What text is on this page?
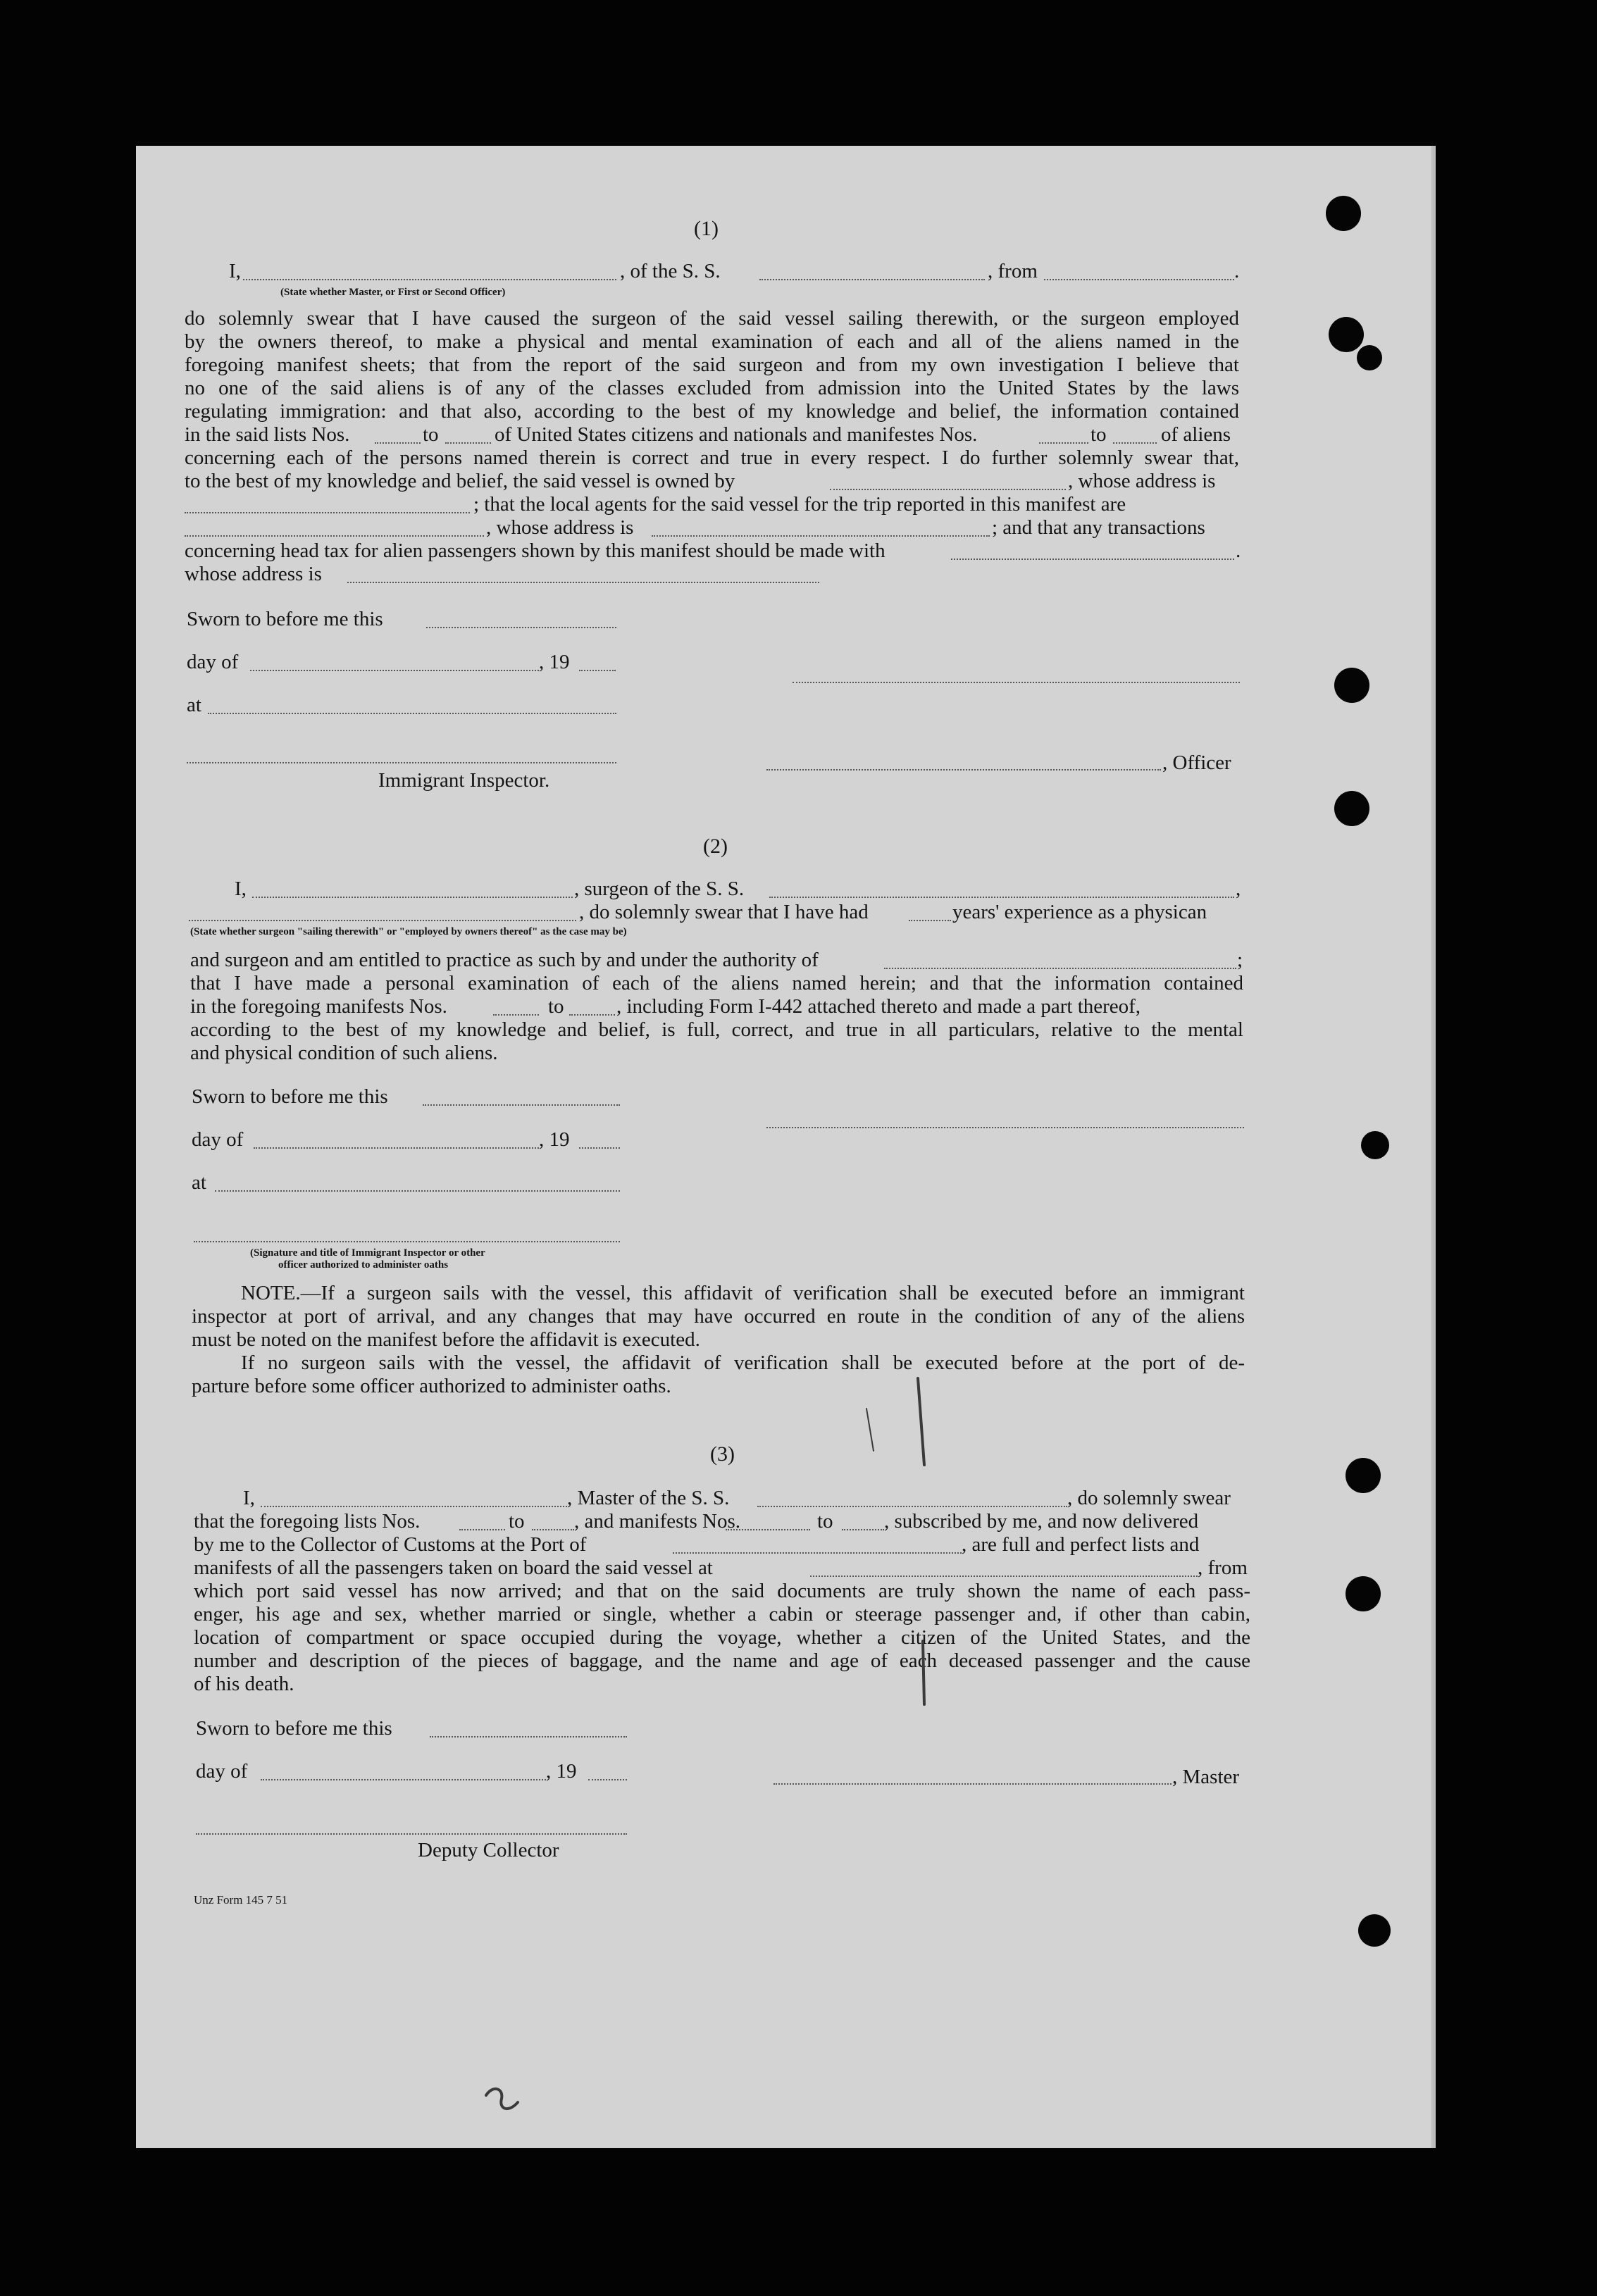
(1)
I,	, of the S. S.	, from	.
(State whether Master, or First or Second Officer)
do solemnly swear that I have caused the surgeon of the said vessel sailing therewith, or the surgeon employed
by the owners thereof, to make a physical and mental examination of each and all of the aliens named in the
foregoing manifest sheets; that from the report of the said surgeon and from my own investigation I believe that
no one of the said aliens is of any of the classes excluded from admission into the United States by the laws
regulating immigration: and that also, according to the best of my knowledge and belief, the information contained
in the said lists Nos.	to	of United States citizens and nationals and manifestes Nos.	to	of aliens
concerning each of the persons named therein is correct and true in every respect. I do further solemnly swear that,
to the best of my knowledge and belief, the said vessel is owned by	, whose address is
; that the local agents for the said vessel for the trip reported in this manifest are
, whose address is	; and that any transactions
concerning head tax for alien passengers shown by this manifest should be made with	.
whose address is
Sworn to before me this
day of	, 19
at
, Officer
Immigrant Inspector.
(2)
I,	, surgeon of the S. S.	,
, do solemnly swear that I have had	years' experience as a physican
(State whether surgeon "sailing therewith" or "employed by owners thereof" as the case may be)
and surgeon and am entitled to practice as such by and under the authority of	;
that I have made a personal examination of each of the aliens named herein; and that the information contained
in the foregoing manifests Nos.	to	, including Form I-442 attached thereto and made a part thereof,
according to the best of my knowledge and belief, is full, correct, and true in all particulars, relative to the mental
and physical condition of such aliens.
Sworn to before me this
day of	, 19
at
(Signature and title of Immigrant Inspector or other
officer authorized to administer oaths
NOTE.—If a surgeon sails with the vessel, this affidavit of verification shall be executed before an immigrant
inspector at port of arrival, and any changes that may have occurred en route in the condition of any of the aliens
must be noted on the manifest before the affidavit is executed.
If no surgeon sails with the vessel, the affidavit of verification shall be executed before at the port of de-
parture before some officer authorized to administer oaths.
(3)
I,	, Master of the S. S.	, do solemnly swear
that the foregoing lists Nos.	to , and manifests Nos.	to , subscribed by me, and now delivered
by me to the Collector of Customs at the Port of	, are full and perfect lists and
manifests of all the passengers taken on board the said vessel at	, from
which port said vessel has now arrived; and that on the said documents are truly shown the name of each pass-
enger, his age and sex, whether married or single, whether a cabin or steerage passenger and, if other than cabin,
location of compartment or space occupied during the voyage, whether a citizen of the United States, and the
number and description of the pieces of baggage, and the name and age of each deceased passenger and the cause
of his death.
Sworn to before me this
day of	, 19	, Master
Deputy Collector
Unz Form 145 7 51
